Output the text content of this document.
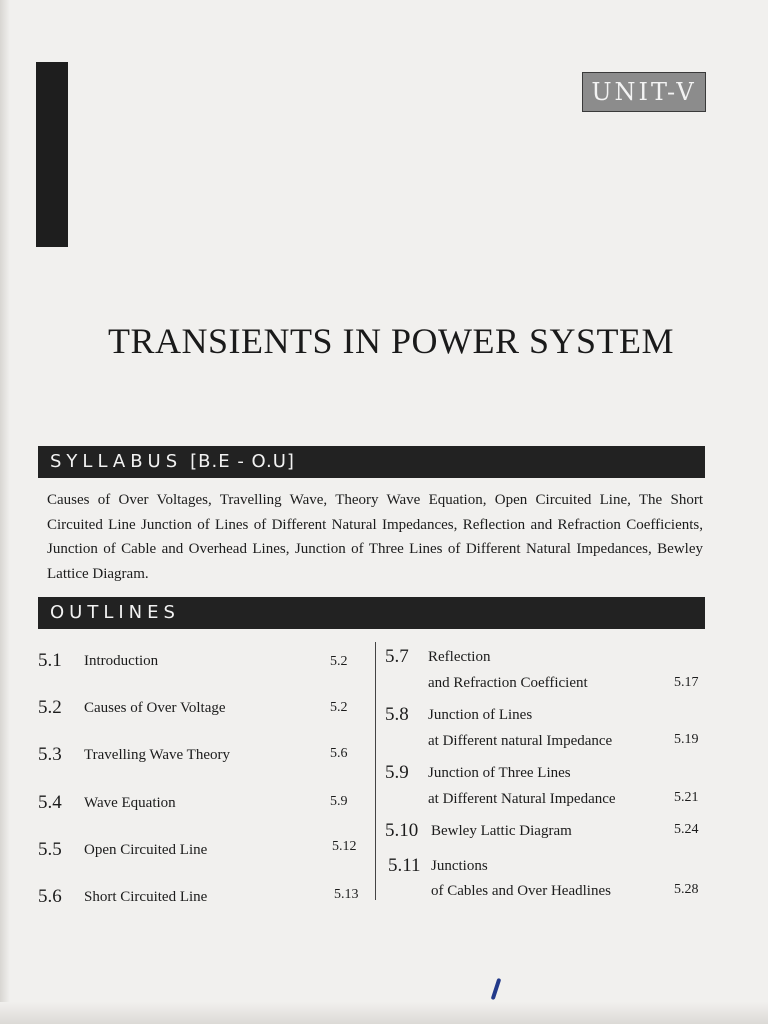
UNIT-V
TRANSIENTS IN POWER SYSTEM
SYLLABUS [B.E - O.U]
Causes of Over Voltages, Travelling Wave, Theory Wave Equation, Open Circuited Line, The Short Circuited Line Junction of Lines of Different Natural Impedances, Reflection and Refraction Coefficients, Junction of Cable and Overhead Lines, Junction of Three Lines of Different Natural Impedances, Bewley Lattice Diagram.
OUTLINES
5.1 Introduction	5.2
5.2 Causes of Over Voltage	5.2
5.3 Travelling Wave Theory	5.6
5.4 Wave Equation	5.9
5.5 Open Circuited Line	5.12
5.6 Short Circuited Line	5.13
5.7 Reflection
and Refraction Coefficient	5.17
5.8 Junction of Lines
at Different natural Impedance	5.19
5.9 Junction of Three Lines
at Different Natural Impedance	5.21
5.10 Bewley Lattic Diagram	5.24
5.11 Junctions
of Cables and Over Headlines	5.28
